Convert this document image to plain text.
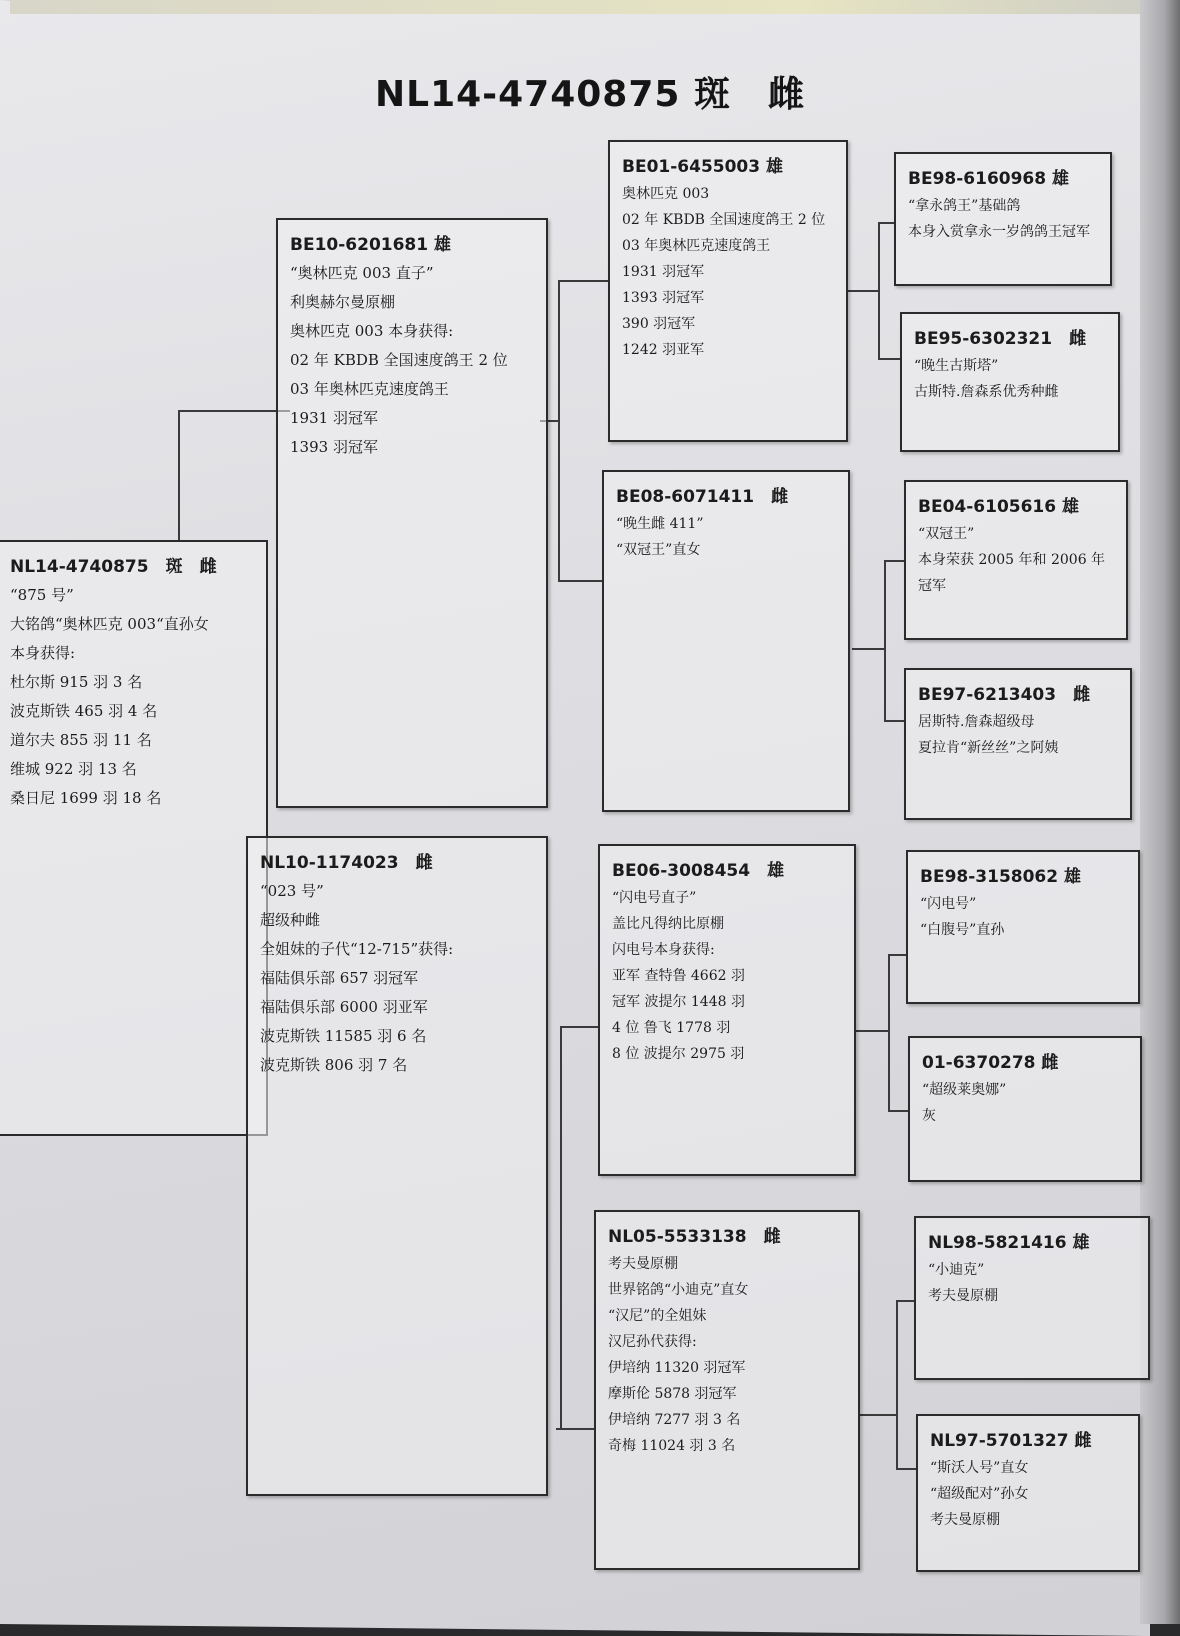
NL14-4740875 斑　雌
NL14-4740875　斑　雌
“875 号”
大铭鸽“奥林匹克 003“直孙女
本身获得:
杜尔斯 915 羽 3 名
波克斯铁 465 羽 4 名
道尔夫 855 羽 11 名
维城 922 羽 13 名
桑日尼 1699 羽 18 名
BE10-6201681 雄
“奥林匹克 003 直子”
利奥赫尔曼原棚
奥林匹克 003 本身获得:
02 年 KBDB 全国速度鸽王 2 位
03 年奥林匹克速度鸽王
1931 羽冠军
1393 羽冠军
NL10-1174023　雌
“023 号”
超级种雌
全姐妹的子代“12-715”获得:
福陆俱乐部 657 羽冠军
福陆俱乐部 6000 羽亚军
波克斯铁 11585 羽 6 名
波克斯铁 806 羽 7 名
BE01-6455003 雄
奥林匹克 003
02 年 KBDB 全国速度鸽王 2 位
03 年奥林匹克速度鸽王
1931 羽冠军
1393 羽冠军
390 羽冠军
1242 羽亚军
BE08-6071411　雌
“晚生雌 411”
“双冠王”直女
BE06-3008454　雄
“闪电号直子”
盖比凡得纳比原棚
闪电号本身获得:
亚军 查特鲁 4662 羽
冠军 波提尔 1448 羽
4 位 鲁飞 1778 羽
8 位 波提尔 2975 羽
NL05-5533138　雌
考夫曼原棚
世界铭鸽“小迪克”直女
“汉尼”的全姐妹
汉尼孙代获得:
伊培纳 11320 羽冠军
摩斯伦 5878 羽冠军
伊培纳 7277 羽 3 名
奇梅 11024 羽 3 名
BE98-6160968 雄
“拿永鸽王”基础鸽
本身入赏拿永一岁鸽鸽王冠军
BE95-6302321　雌
“晚生古斯塔”
古斯特.詹森系优秀种雌
BE04-6105616 雄
“双冠王”
本身荣获 2005 年和 2006 年冠军
BE97-6213403　雌
居斯特.詹森超级母
夏拉肯“新丝丝”之阿姨
BE98-3158062 雄
“闪电号”
“白腹号”直孙
01-6370278 雌
“超级莱奥娜”
灰
NL98-5821416 雄
“小迪克”
考夫曼原棚
NL97-5701327 雌
“斯沃人号”直女
“超级配对”孙女
考夫曼原棚
